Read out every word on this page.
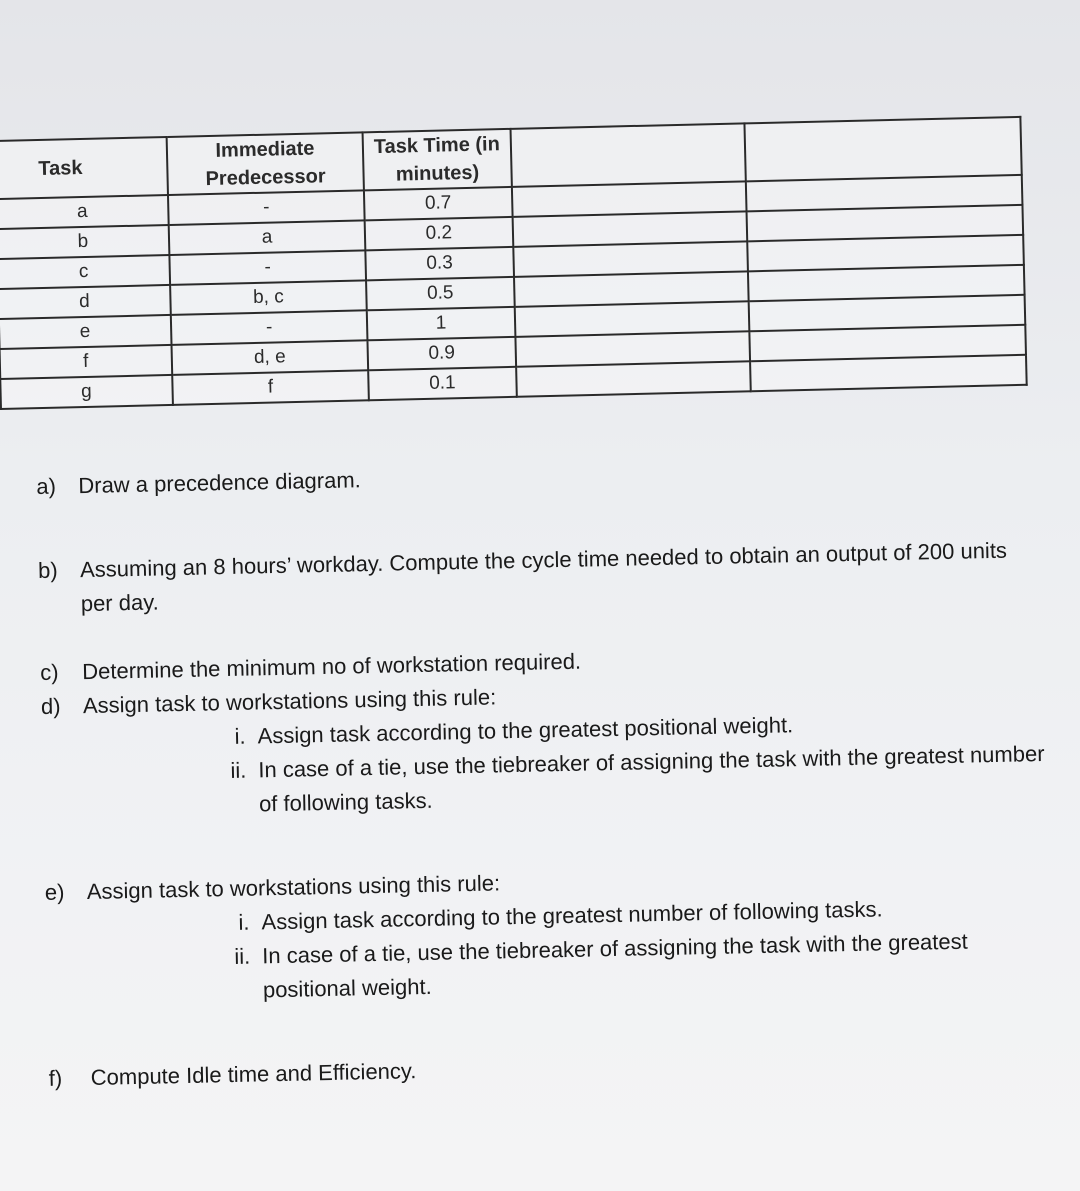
Task	Immediate Predecessor	Task Time (in minutes)		
a	-	0.7		
b	a	0.2		
c	-	0.3		
d	b, c	0.5		
e	-	1		
f	d, e	0.9		
g	f	0.1		
a) Draw a precedence diagram.
b) Assuming an 8 hours’ workday. Compute the cycle time needed to obtain an output of 200 units per day.
c)	Determine the minimum no of workstation required.
d) Assign task to workstations using this rule:
i. Assign task according to the greatest positional weight.
ii. In case of a tie, use the tiebreaker of assigning the task with the greatest number of following tasks.
e) Assign task to workstations using this rule:
i. Assign task according to the greatest number of following tasks.
ii. In case of a tie, use the tiebreaker of assigning the task with the greatest positional weight.
f)	Compute Idle time and Efficiency.
